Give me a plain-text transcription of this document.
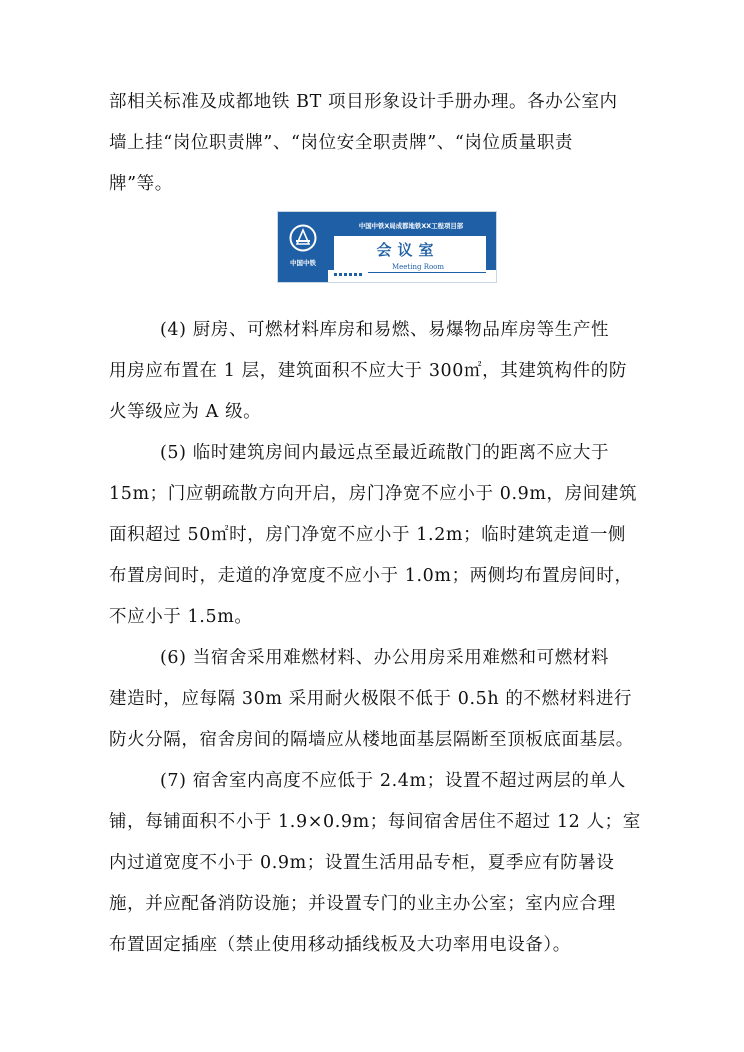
部相关标准及成都地铁 BT 项目形象设计手册办理。各办公室内
墙上挂“岗位职责牌”、“岗位安全职责牌”、“岗位质量职责
牌”等。
中国中铁
中国中铁X局成都地铁XX工程项目部
会议室
Meeting Room
(4) 厨房、可燃材料库房和易燃、易爆物品库房等生产性
用房应布置在 1 层，建筑面积不应大于 300㎡，其建筑构件的防
火等级应为 A 级。
(5) 临时建筑房间内最远点至最近疏散门的距离不应大于
15m；门应朝疏散方向开启，房门净宽不应小于 0.9m，房间建筑
面积超过 50㎡时，房门净宽不应小于 1.2m；临时建筑走道一侧
布置房间时，走道的净宽度不应小于 1.0m；两侧均布置房间时，
不应小于 1.5m。
(6) 当宿舍采用难燃材料、办公用房采用难燃和可燃材料
建造时，应每隔 30m 采用耐火极限不低于 0.5h 的不燃材料进行
防火分隔，宿舍房间的隔墙应从楼地面基层隔断至顶板底面基层。
(7) 宿舍室内高度不应低于 2.4m；设置不超过两层的单人
铺，每铺面积不小于 1.9×0.9m；每间宿舍居住不超过 12 人；室
内过道宽度不小于 0.9m；设置生活用品专柜，夏季应有防暑设
施，并应配备消防设施；并设置专门的业主办公室；室内应合理
布置固定插座（禁止使用移动插线板及大功率用电设备）。
